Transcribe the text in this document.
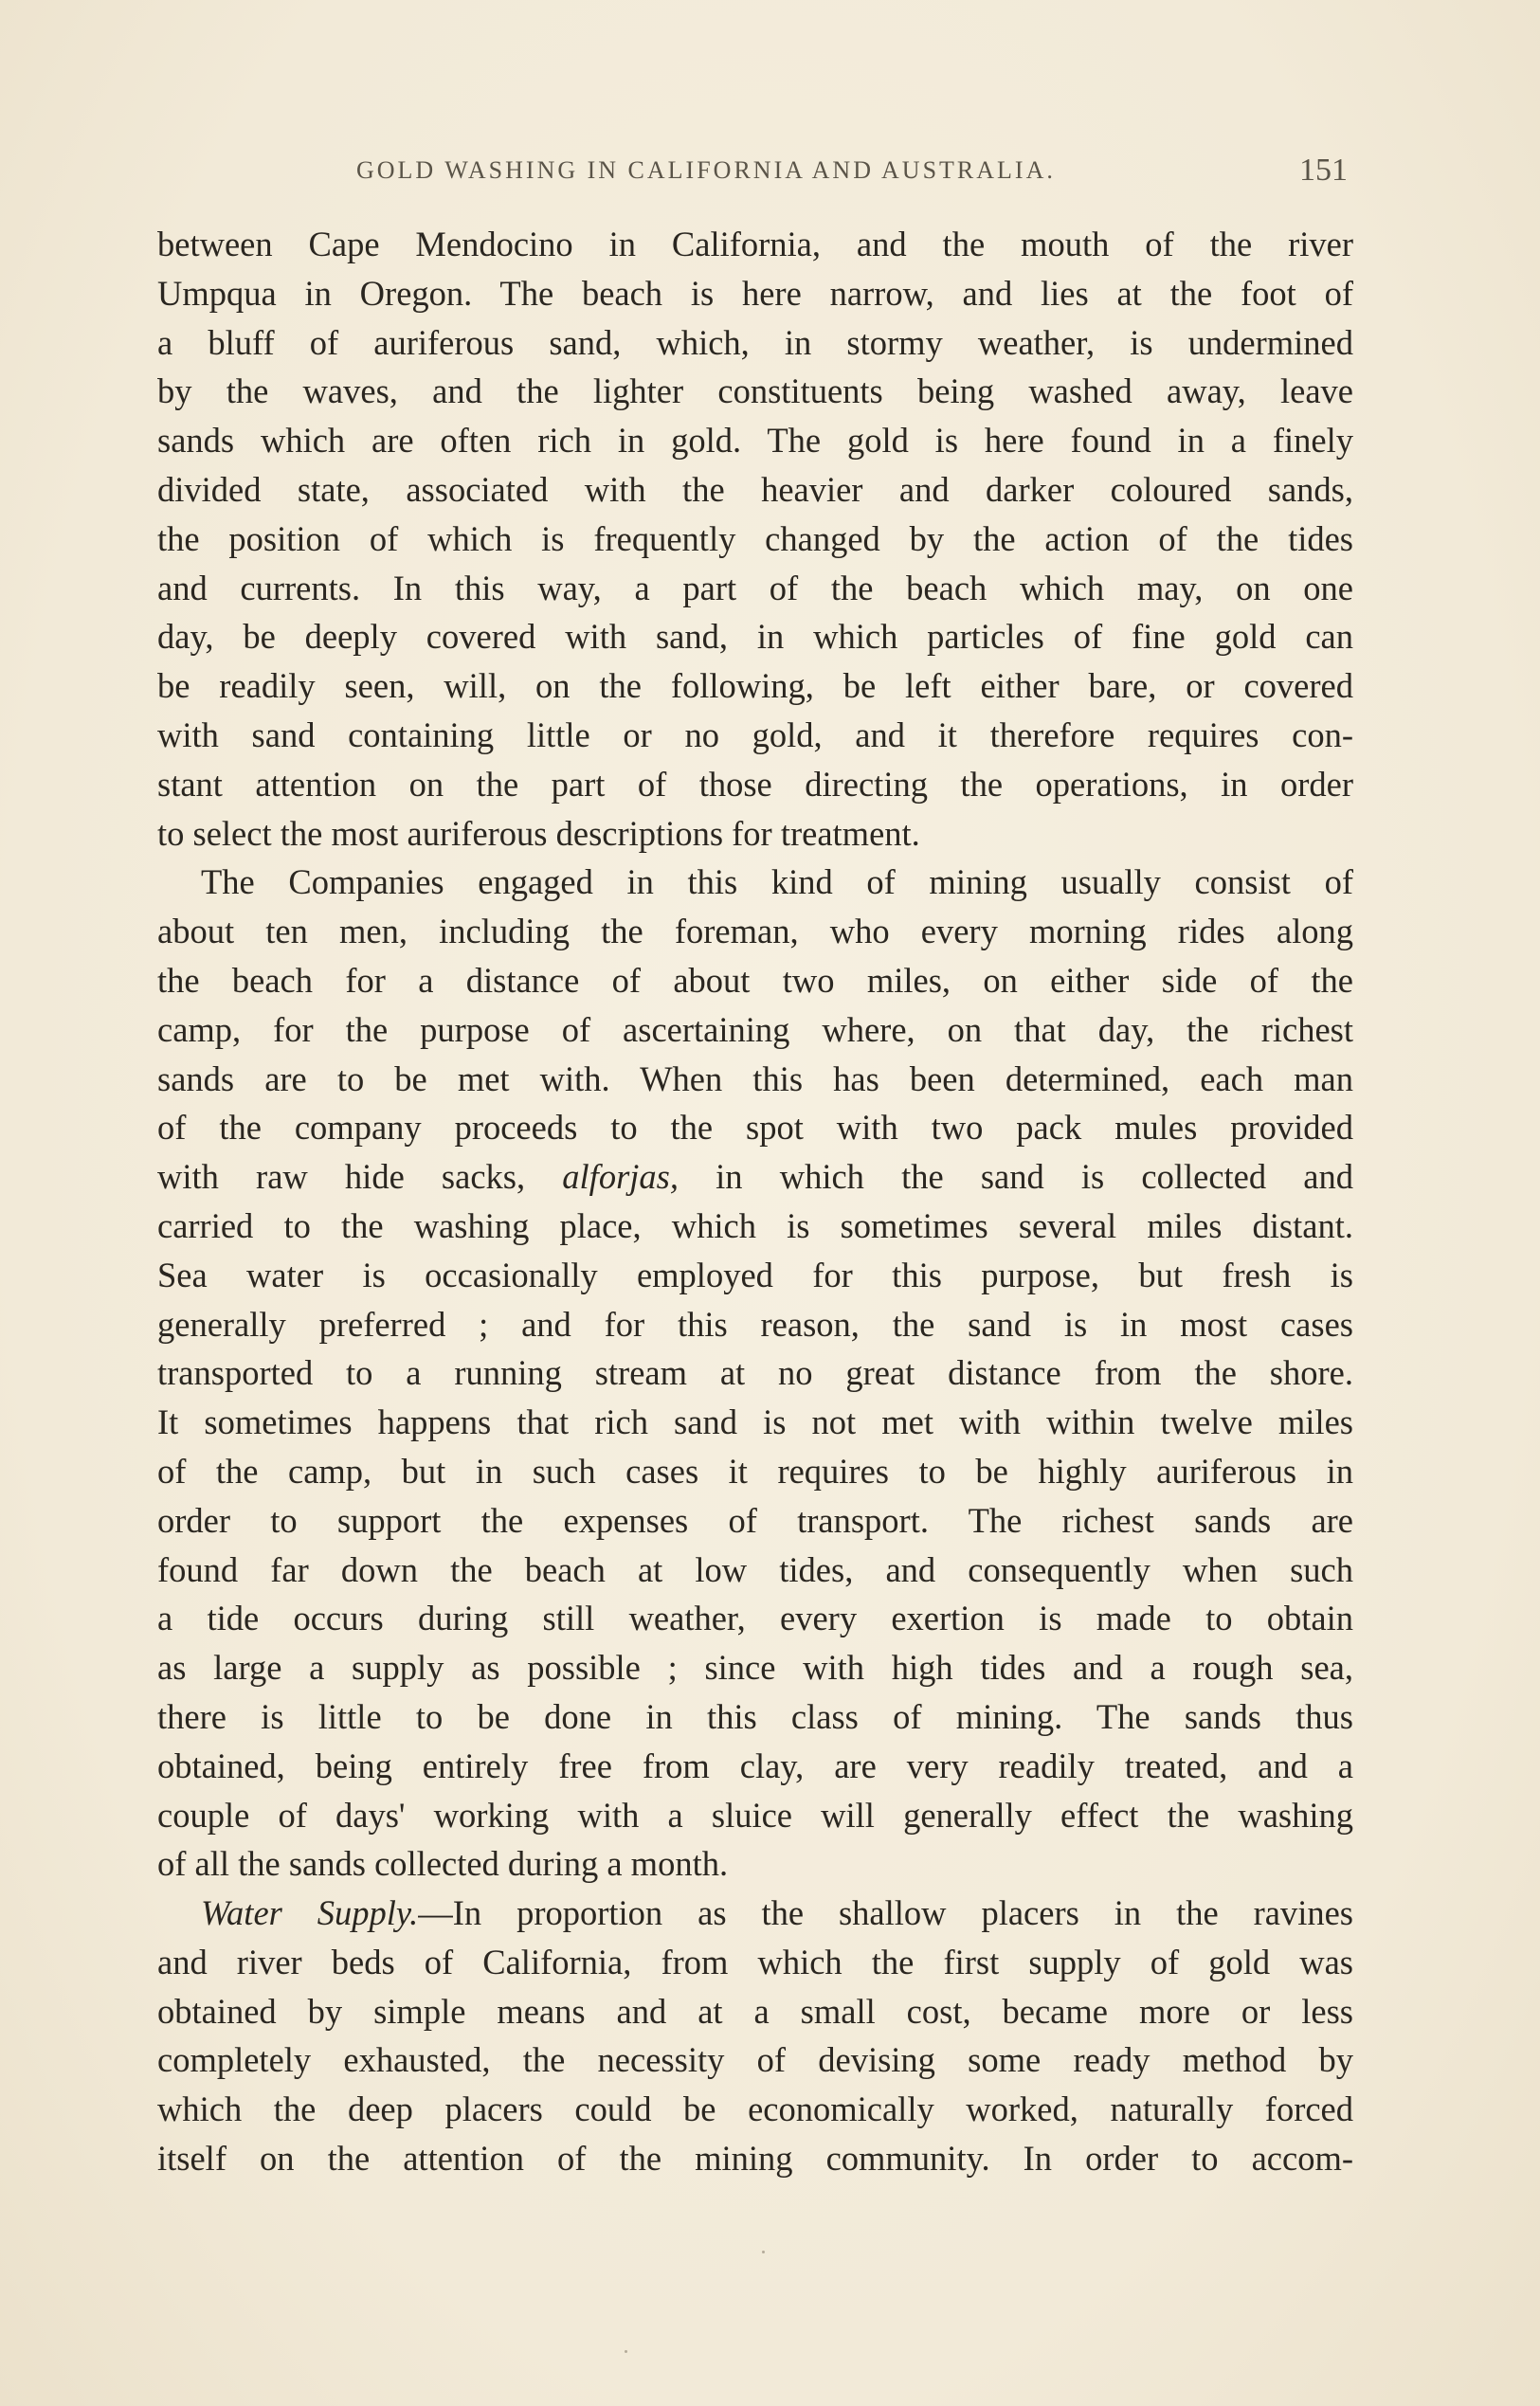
GOLD WASHING IN CALIFORNIA AND AUSTRALIA.	151
between Cape Mendocino in California, and the mouth of the river
Umpqua in Oregon. The beach is here narrow, and lies at the foot of
a bluff of auriferous sand, which, in stormy weather, is undermined
by the waves, and the lighter constituents being washed away, leave
sands which are often rich in gold. The gold is here found in a finely
divided state, associated with the heavier and darker coloured sands,
the position of which is frequently changed by the action of the tides
and currents. In this way, a part of the beach which may, on one
day, be deeply covered with sand, in which particles of fine gold can
be readily seen, will, on the following, be left either bare, or covered
with sand containing little or no gold, and it therefore requires con-
stant attention on the part of those directing the operations, in order
to select the most auriferous descriptions for treatment.
The Companies engaged in this kind of mining usually consist of
about ten men, including the foreman, who every morning rides along
the beach for a distance of about two miles, on either side of the
camp, for the purpose of ascertaining where, on that day, the richest
sands are to be met with. When this has been determined, each man
of the company proceeds to the spot with two pack mules provided
with raw hide sacks, alforjas, in which the sand is collected and
carried to the washing place, which is sometimes several miles distant.
Sea water is occasionally employed for this purpose, but fresh is
generally preferred ; and for this reason, the sand is in most cases
transported to a running stream at no great distance from the shore.
It sometimes happens that rich sand is not met with within twelve miles
of the camp, but in such cases it requires to be highly auriferous in
order to support the expenses of transport. The richest sands are
found far down the beach at low tides, and consequently when such
a tide occurs during still weather, every exertion is made to obtain
as large a supply as possible ; since with high tides and a rough sea,
there is little to be done in this class of mining. The sands thus
obtained, being entirely free from clay, are very readily treated, and a
couple of days' working with a sluice will generally effect the washing
of all the sands collected during a month.
Water Supply.—In proportion as the shallow placers in the ravines
and river beds of California, from which the first supply of gold was
obtained by simple means and at a small cost, became more or less
completely exhausted, the necessity of devising some ready method by
which the deep placers could be economically worked, naturally forced
itself on the attention of the mining community. In order to accom-
